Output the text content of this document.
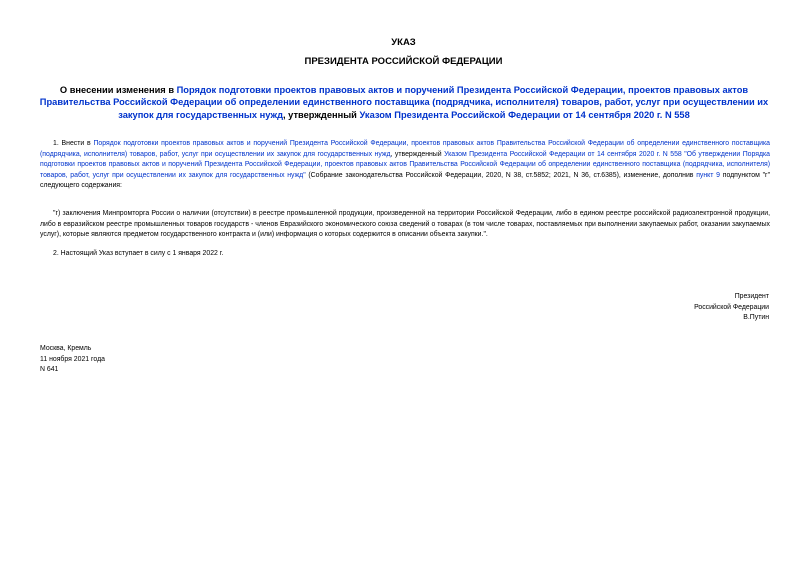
УКАЗ
ПРЕЗИДЕНТА РОССИЙСКОЙ ФЕДЕРАЦИИ
О внесении изменения в Порядок подготовки проектов правовых актов и поручений Президента Российской Федерации, проектов правовых актов Правительства Российской Федерации об определении единственного поставщика (подрядчика, исполнителя) товаров, работ, услуг при осуществлении их закупок для государственных нужд, утвержденный Указом Президента Российской Федерации от 14 сентября 2020 г. N 558
1. Внести в Порядок подготовки проектов правовых актов и поручений Президента Российской Федерации, проектов правовых актов Правительства Российской Федерации об определении единственного поставщика (подрядчика, исполнителя) товаров, работ, услуг при осуществлении их закупок для государственных нужд, утвержденный Указом Президента Российской Федерации от 14 сентября 2020 г. N 558 "Об утверждении Порядка подготовки проектов правовых актов и поручений Президента Российской Федерации, проектов правовых актов Правительства Российской Федерации об определении единственного поставщика (подрядчика, исполнителя) товаров, работ, услуг при осуществлении их закупок для государственных нужд" (Собрание законодательства Российской Федерации, 2020, N 38, ст.5852; 2021, N 36, ст.6385), изменение, дополнив пункт 9 подпунктом "г" следующего содержания:
"г) заключения Минпромторга России о наличии (отсутствии) в реестре промышленной продукции, произведенной на территории Российской Федерации, либо в едином реестре российской радиоэлектронной продукции, либо в евразийском реестре промышленных товаров государств - членов Евразийского экономического союза сведений о товарах (в том числе товарах, поставляемых при выполнении закупаемых работ, оказании закупаемых услуг), которые являются предметом государственного контракта и (или) информация о которых содержится в описании объекта закупки.".
2. Настоящий Указ вступает в силу с 1 января 2022 г.
Президент
Российской Федерации
В.Путин
Москва, Кремль
11 ноября 2021 года
N 641
